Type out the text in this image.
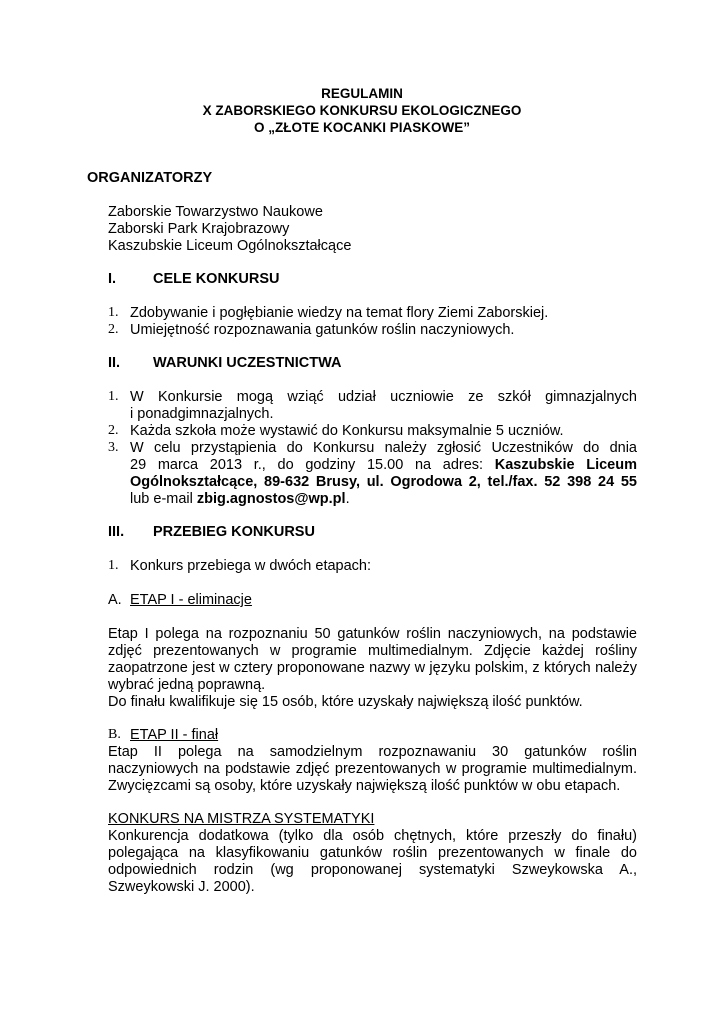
REGULAMIN
X ZABORSKIEGO KONKURSU EKOLOGICZNEGO
O „ZŁOTE KOCANKI PIASKOWE”
ORGANIZATORZY
Zaborskie Towarzystwo Naukowe
Zaborski Park Krajobrazowy
Kaszubskie Liceum Ogólnokształcące
I.	CELE KONKURSU
1. Zdobywanie i pogłębianie wiedzy na temat flory Ziemi Zaborskiej.
2. Umiejętność rozpoznawania gatunków roślin naczyniowych.
II. WARUNKI UCZESTNICTWA
1. W Konkursie mogą wziąć udział uczniowie ze szkół gimnazjalnych
i ponadgimnazjalnych.
2. Każda szkoła może wystawić do Konkursu maksymalnie 5 uczniów.
3. W celu przystąpienia do Konkursu należy zgłosić Uczestników do dnia
29 marca 2013 r., do godziny 15.00 na adres: Kaszubskie Liceum
Ogólnokształcące, 89-632 Brusy, ul. Ogrodowa 2, tel./fax. 52 398 24 55
lub e-mail zbig.agnostos@wp.pl.
III. PRZEBIEG KONKURSU
1. Konkurs przebiega w dwóch etapach:
A. ETAP I - eliminacje
Etap I polega na rozpoznaniu 50 gatunków roślin naczyniowych, na podstawie
zdjęć prezentowanych w programie multimedialnym. Zdjęcie każdej rośliny
zaopatrzone jest w cztery proponowane nazwy w języku polskim, z których należy
wybrać jedną poprawną.
Do finału kwalifikuje się 15 osób, które uzyskały największą ilość punktów.
B. ETAP II - finał
Etap II polega na samodzielnym rozpoznawaniu 30 gatunków roślin
naczyniowych na podstawie zdjęć prezentowanych w programie multimedialnym.
Zwycięzcami są osoby, które uzyskały największą ilość punktów w obu etapach.
KONKURS NA MISTRZA SYSTEMATYKI
Konkurencja dodatkowa (tylko dla osób chętnych, które przeszły do finału)
polegająca na klasyfikowaniu gatunków roślin prezentowanych w finale do
odpowiednich rodzin (wg proponowanej systematyki Szweykowska A.,
Szweykowski J. 2000).
